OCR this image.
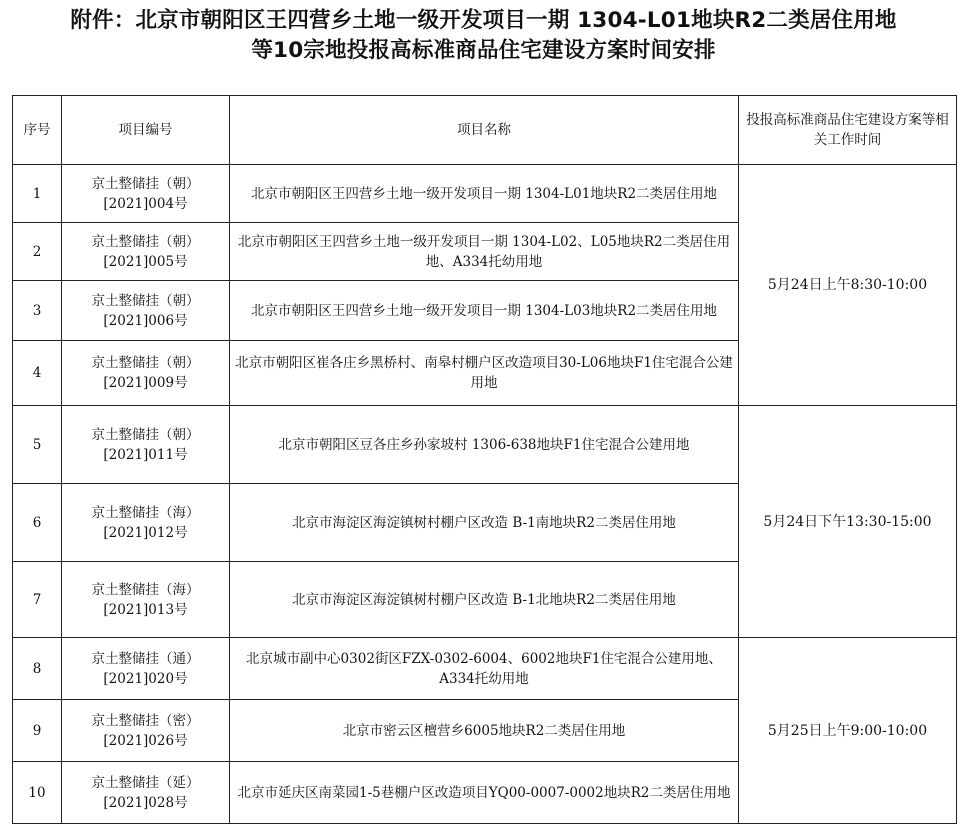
附件：北京市朝阳区王四营乡土地一级开发项目一期 1304-L01地块R2二类居住用地
等10宗地投报高标准商品住宅建设方案时间安排
序号	项目编号	项目名称	投报高标准商品住宅建设方案等相关工作时间
1	京土整储挂（朝）
[2021]004号	北京市朝阳区王四营乡土地一级开发项目一期 1304-L01地块R2二类居住用地	5月24日上午8:30-10:00
2	京土整储挂（朝）
[2021]005号	北京市朝阳区王四营乡土地一级开发项目一期 1304-L02、L05地块R2二类居住用地、A334托幼用地	
3	京土整储挂（朝）
[2021]006号	北京市朝阳区王四营乡土地一级开发项目一期 1304-L03地块R2二类居住用地	
4	京土整储挂（朝）
[2021]009号	北京市朝阳区崔各庄乡黑桥村、南皋村棚户区改造项目30-L06地块F1住宅混合公建用地	
5	京土整储挂（朝）
[2021]011号	北京市朝阳区豆各庄乡孙家坡村 1306-638地块F1住宅混合公建用地	5月24日下午13:30-15:00
6	京土整储挂（海）
[2021]012号	北京市海淀区海淀镇树村棚户区改造 B-1南地块R2二类居住用地	
7	京土整储挂（海）
[2021]013号	北京市海淀区海淀镇树村棚户区改造 B-1北地块R2二类居住用地	
8	京土整储挂（通）
[2021]020号	北京城市副中心0302街区FZX-0302-6004、6002地块F1住宅混合公建用地、A334托幼用地	5月25日上午9:00-10:00
9	京土整储挂（密）
[2021]026号	北京市密云区檀营乡6005地块R2二类居住用地	
10	京土整储挂（延）
[2021]028号	北京市延庆区南菜园1-5巷棚户区改造项目YQ00-0007-0002地块R2二类居住用地	
